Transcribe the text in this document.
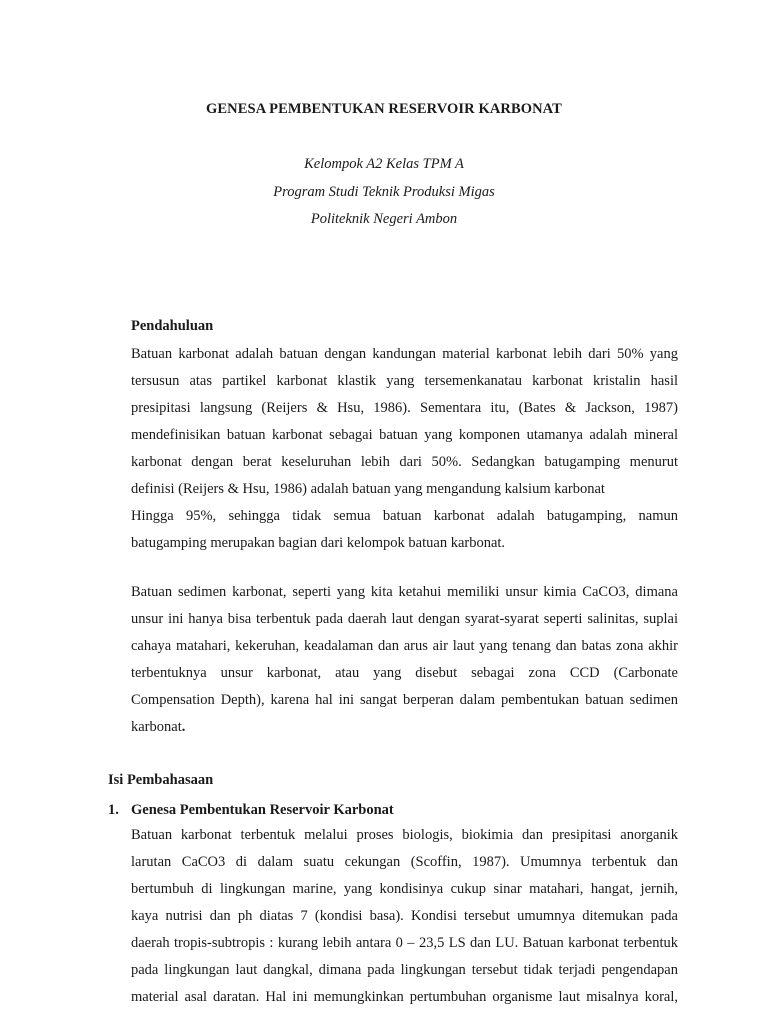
GENESA PEMBENTUKAN RESERVOIR KARBONAT
Kelompok A2 Kelas TPM A
Program Studi Teknik Produksi Migas
Politeknik Negeri Ambon
Pendahuluan
Batuan karbonat adalah batuan dengan kandungan material karbonat lebih dari 50% yang
tersusun atas partikel karbonat klastik yang tersemenkanatau karbonat kristalin hasil
presipitasi langsung (Reijers & Hsu, 1986). Sementara itu, (Bates & Jackson, 1987)
mendefinisikan batuan karbonat sebagai batuan yang komponen utamanya adalah mineral
karbonat dengan berat keseluruhan lebih dari 50%. Sedangkan batugamping menurut
definisi (Reijers & Hsu, 1986) adalah batuan yang mengandung kalsium karbonat
Hingga 95%, sehingga tidak semua batuan karbonat adalah batugamping, namun
batugamping merupakan bagian dari kelompok batuan karbonat.
Batuan sedimen karbonat, seperti yang kita ketahui memiliki unsur kimia CaCO3, dimana
unsur ini hanya bisa terbentuk pada daerah laut dengan syarat-syarat seperti salinitas, suplai
cahaya matahari, kekeruhan, keadalaman dan arus air laut yang tenang dan batas zona akhir
terbentuknya unsur karbonat, atau yang disebut sebagai zona CCD (Carbonate
Compensation Depth), karena hal ini sangat berperan dalam pembentukan batuan sedimen
karbonat.
Isi Pembahasaan
1. Genesa Pembentukan Reservoir Karbonat
Batuan karbonat terbentuk melalui proses biologis, biokimia dan presipitasi anorganik
larutan CaCO3 di dalam suatu cekungan (Scoffin, 1987). Umumnya terbentuk dan
bertumbuh di lingkungan marine, yang kondisinya cukup sinar matahari, hangat, jernih,
kaya nutrisi dan ph diatas 7 (kondisi basa). Kondisi tersebut umumnya ditemukan pada
daerah tropis-subtropis : kurang lebih antara 0 – 23,5 LS dan LU. Batuan karbonat terbentuk
pada lingkungan laut dangkal, dimana pada lingkungan tersebut tidak terjadi pengendapan
material asal daratan. Hal ini memungkinkan pertumbuhan organisme laut misalnya koral,
